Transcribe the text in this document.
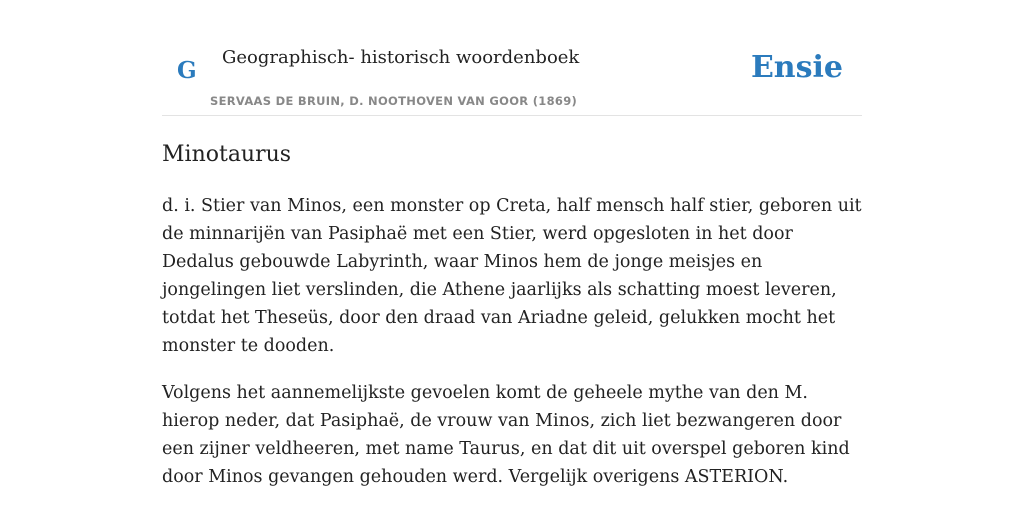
G Geographisch- historisch woordenboek
SERVAAS DE BRUIN, D. NOOTHOVEN VAN GOOR (1869)
Ensie
Minotaurus

d. i. Stier van Minos, een monster op Creta, half mensch half stier, geboren uit de minnarijën van Pasiphaë met een Stier, werd opgesloten in het door Dedalus gebouwde Labyrinth, waar Minos hem de jonge meisjes en jongelingen liet verslinden, die Athene jaarlijks als schatting moest leveren, totdat het Theseüs, door den draad van Ariadne geleid, gelukken mocht het monster te dooden.

Volgens het aannemelijkste gevoelen komt de geheele mythe van den M. hierop neder, dat Pasiphaë, de vrouw van Minos, zich liet bezwangeren door een zijner veldheeren, met name Taurus, en dat dit uit overspel geboren kind door Minos gevangen gehouden werd. Vergelijk overigens ASTERION.
